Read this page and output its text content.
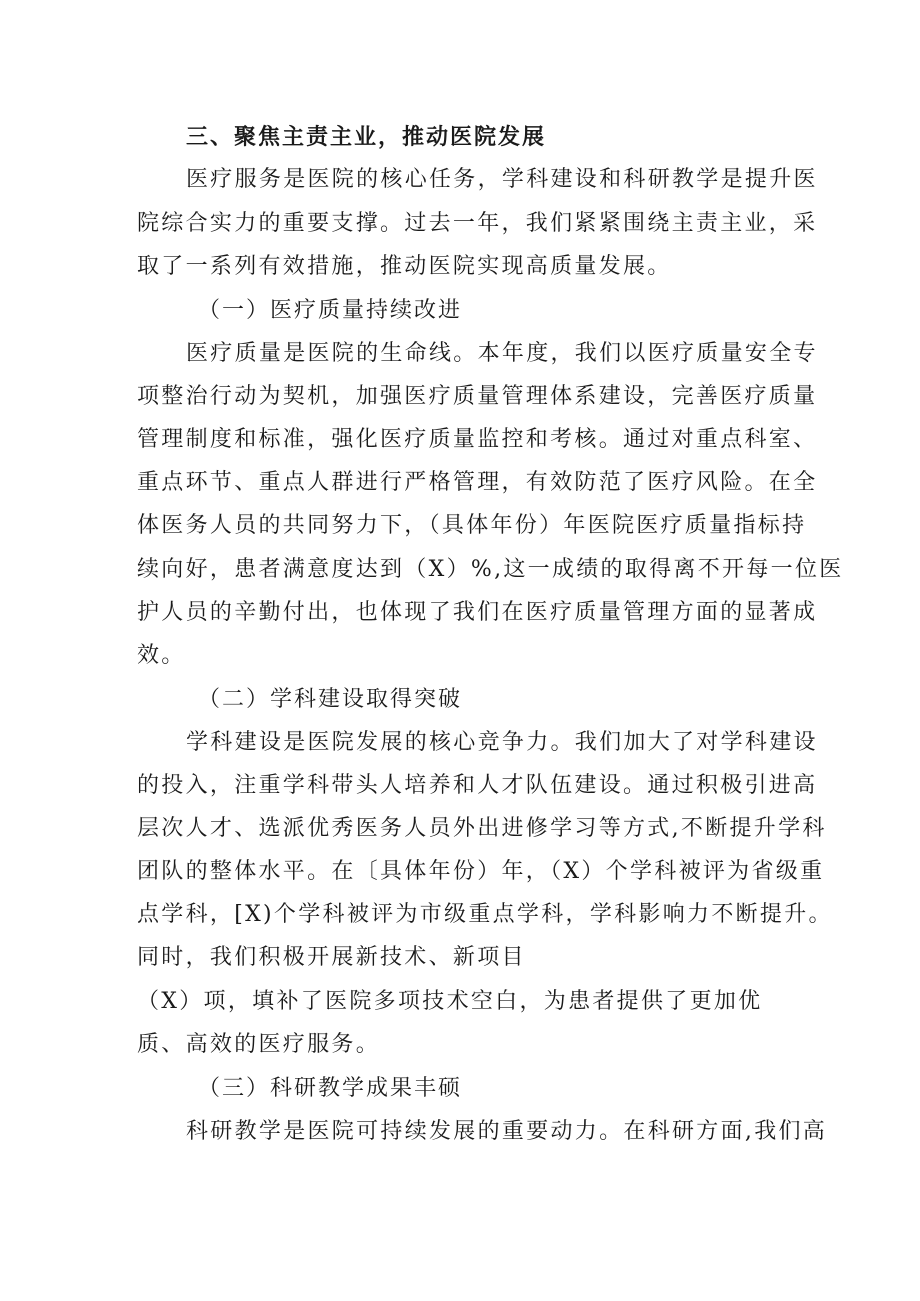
三、聚焦主责主业，推动医院发展
医疗服务是医院的核心任务，学科建设和科研教学是提升医
院综合实力的重要支撑。过去一年，我们紧紧围绕主责主业，采
取了一系列有效措施，推动医院实现高质量发展。
（一）医疗质量持续改进
医疗质量是医院的生命线。本年度，我们以医疗质量安全专
项整治行动为契机，加强医疗质量管理体系建设，完善医疗质量
管理制度和标准，强化医疗质量监控和考核。通过对重点科室、
重点环节、重点人群进行严格管理，有效防范了医疗风险。在全
体医务人员的共同努力下，（具体年份）年医院医疗质量指标持
续向好，患者满意度达到（X）%,这一成绩的取得离不开每一位医
护人员的辛勤付出，也体现了我们在医疗质量管理方面的显著成
效。
（二）学科建设取得突破
学科建设是医院发展的核心竞争力。我们加大了对学科建设
的投入，注重学科带头人培养和人才队伍建设。通过积极引进高
层次人才、选派优秀医务人员外出进修学习等方式,不断提升学科
团队的整体水平。在〔具体年份）年，（X）个学科被评为省级重
点学科，[X)个学科被评为市级重点学科，学科影响力不断提升。
同时，我们积极开展新技术、新项目
（X）项，填补了医院多项技术空白，为患者提供了更加优
质、高效的医疗服务。
（三）科研教学成果丰硕
科研教学是医院可持续发展的重要动力。在科研方面,我们高
